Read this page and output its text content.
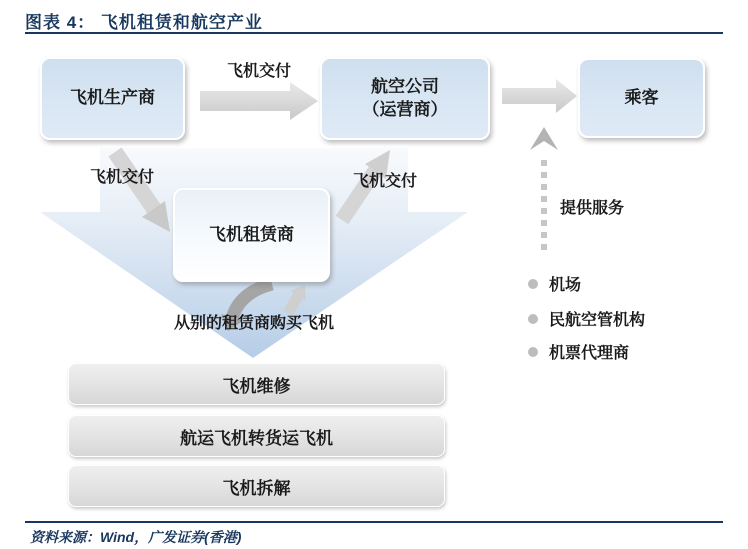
图表 4： 飞机租赁和航空产业
飞机生产商
飞机交付
航空公司
（运营商）
乘客
飞机交付	飞机交付
飞机租赁商
从别的租赁商购买飞机
提供服务
机场
民航空管机构
机票代理商
飞机维修
航运飞机转货运飞机
飞机拆解
资料来源：Wind，广发证券(香港)
